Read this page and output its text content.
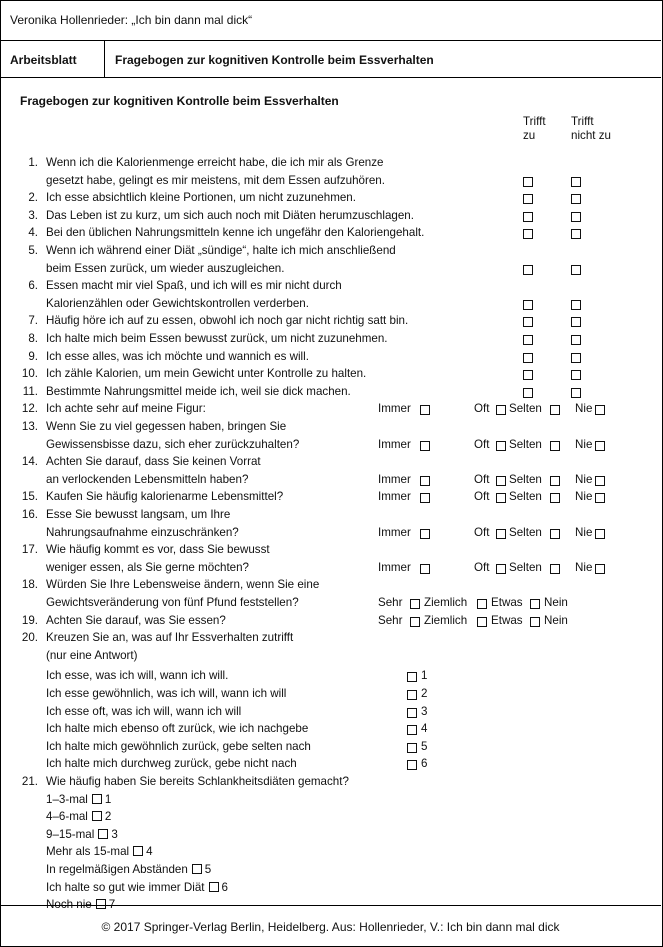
Veronika Hollenrieder: „Ich bin dann mal dick“
Arbeitsblatt	Fragebogen zur kognitiven Kontrolle beim Essverhalten
Fragebogen zur kognitiven Kontrolle beim Essverhalten
Trifft
zu
Trifft
nicht zu
1. Wenn ich die Kalorienmenge erreicht habe, die ich mir als Grenze
gesetzt habe, gelingt es mir meistens, mit dem Essen aufzuhören.
2. Ich esse absichtlich kleine Portionen, um nicht zuzunehmen.
3. Das Leben ist zu kurz, um sich auch noch mit Diäten herumzuschlagen.
4. Bei den üblichen Nahrungsmitteln kenne ich ungefähr den Kaloriengehalt.
5. Wenn ich während einer Diät „sündige“, halte ich mich anschließend
beim Essen zurück, um wieder auszugleichen.
6. Essen macht mir viel Spaß, und ich will es mir nicht durch
Kalorienzählen oder Gewichtskontrollen verderben.
7. Häufig höre ich auf zu essen, obwohl ich noch gar nicht richtig satt bin.
8. Ich halte mich beim Essen bewusst zurück, um nicht zuzunehmen.
9. Ich esse alles, was ich möchte und wannich es will.
10. Ich zähle Kalorien, um mein Gewicht unter Kontrolle zu halten.
11. Bestimmte Nahrungsmittel meide ich, weil sie dick machen.
12. Ich achte sehr auf meine Figur:	Immer	Oft Selten	Nie
13. Wenn Sie zu viel gegessen haben, bringen Sie
Gewissensbisse dazu, sich eher zurückzuhalten?	Immer	Oft Selten	Nie
14. Achten Sie darauf, dass Sie keinen Vorrat
an verlockenden Lebensmitteln haben?	Immer	Oft Selten	Nie
15. Kaufen Sie häufig kalorienarme Lebensmittel?	Immer	Oft Selten	Nie
16. Esse Sie bewusst langsam, um Ihre
Nahrungsaufnahme einzuschränken?	Immer	Oft Selten	Nie
17. Wie häufig kommt es vor, dass Sie bewusst
weniger essen, als Sie gerne möchten?	Immer	Oft Selten	Nie
18. Würden Sie Ihre Lebensweise ändern, wenn Sie eine
Gewichtsveränderung von fünf Pfund feststellen?	Sehr Ziemlich Etwas Nein
19. Achten Sie darauf, was Sie essen?	Sehr Ziemlich Etwas Nein
20. Kreuzen Sie an, was auf Ihr Essverhalten zutrifft
(nur eine Antwort)
Ich esse, was ich will, wann ich will.	1
Ich esse gewöhnlich, was ich will, wann ich will	2
Ich esse oft, was ich will, wann ich will	3
Ich halte mich ebenso oft zurück, wie ich nachgebe	4
Ich halte mich gewöhnlich zurück, gebe selten nach	5
Ich halte mich durchweg zurück, gebe nicht nach	6
21. Wie häufig haben Sie bereits Schlankheitsdiäten gemacht?
1–3-mal 1
4–6-mal 2
9–15-mal 3
Mehr als 15-mal 4
In regelmäßigen Abständen 5
Ich halte so gut wie immer Diät 6
Noch nie 7
© 2017 Springer-Verlag Berlin, Heidelberg. Aus: Hollenrieder, V.: Ich bin dann mal dick
